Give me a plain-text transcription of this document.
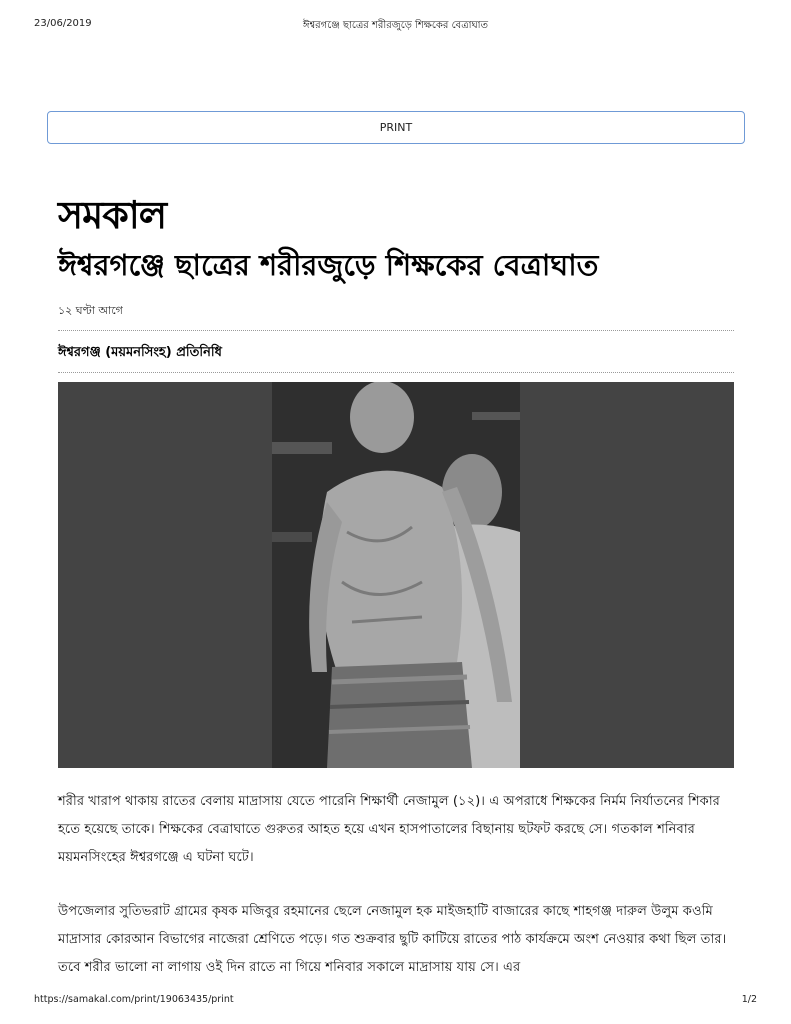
23/06/2019	ঈশ্বরগঞ্জে ছাত্রের শরীরজুড়ে শিক্ষকের বেত্রাঘাত
PRINT
সমকাল
ঈশ্বরগঞ্জে ছাত্রের শরীরজুড়ে শিক্ষকের বেত্রাঘাত
১২ ঘণ্টা আগে
ঈশ্বরগঞ্জ (ময়মনসিংহ) প্রতিনিধি

শরীর খারাপ থাকায় রাতের বেলায় মাদ্রাসায় যেতে পারেনি শিক্ষার্থী নেজামুল (১২)। এ অপরাধে শিক্ষকের নির্মম নির্যাতনের শিকার হতে হয়েছে তাকে। শিক্ষকের বেত্রাঘাতে গুরুতর আহত হয়ে এখন হাসপাতালের বিছানায় ছটফট করছে সে। গতকাল শনিবার ময়মনসিংহের ঈশ্বরগঞ্জে এ ঘটনা ঘটে।

উপজেলার সুতিভরাট গ্রামের কৃষক মজিবুর রহমানের ছেলে নেজামুল হক মাইজহাটি বাজারের কাছে শাহগঞ্জ দারুল উলুম কওমি মাদ্রাসার কোরআন বিভাগের নাজেরা শ্রেণিতে পড়ে। গত শুক্রবার ছুটি কাটিয়ে রাতের পাঠ কার্যক্রমে অংশ নেওয়ার কথা ছিল তার। তবে শরীর ভালো না লাগায় ওই দিন রাতে না গিয়ে শনিবার সকালে মাদ্রাসায় যায় সে। এর

https://samakal.com/print/19063435/print	1/2
